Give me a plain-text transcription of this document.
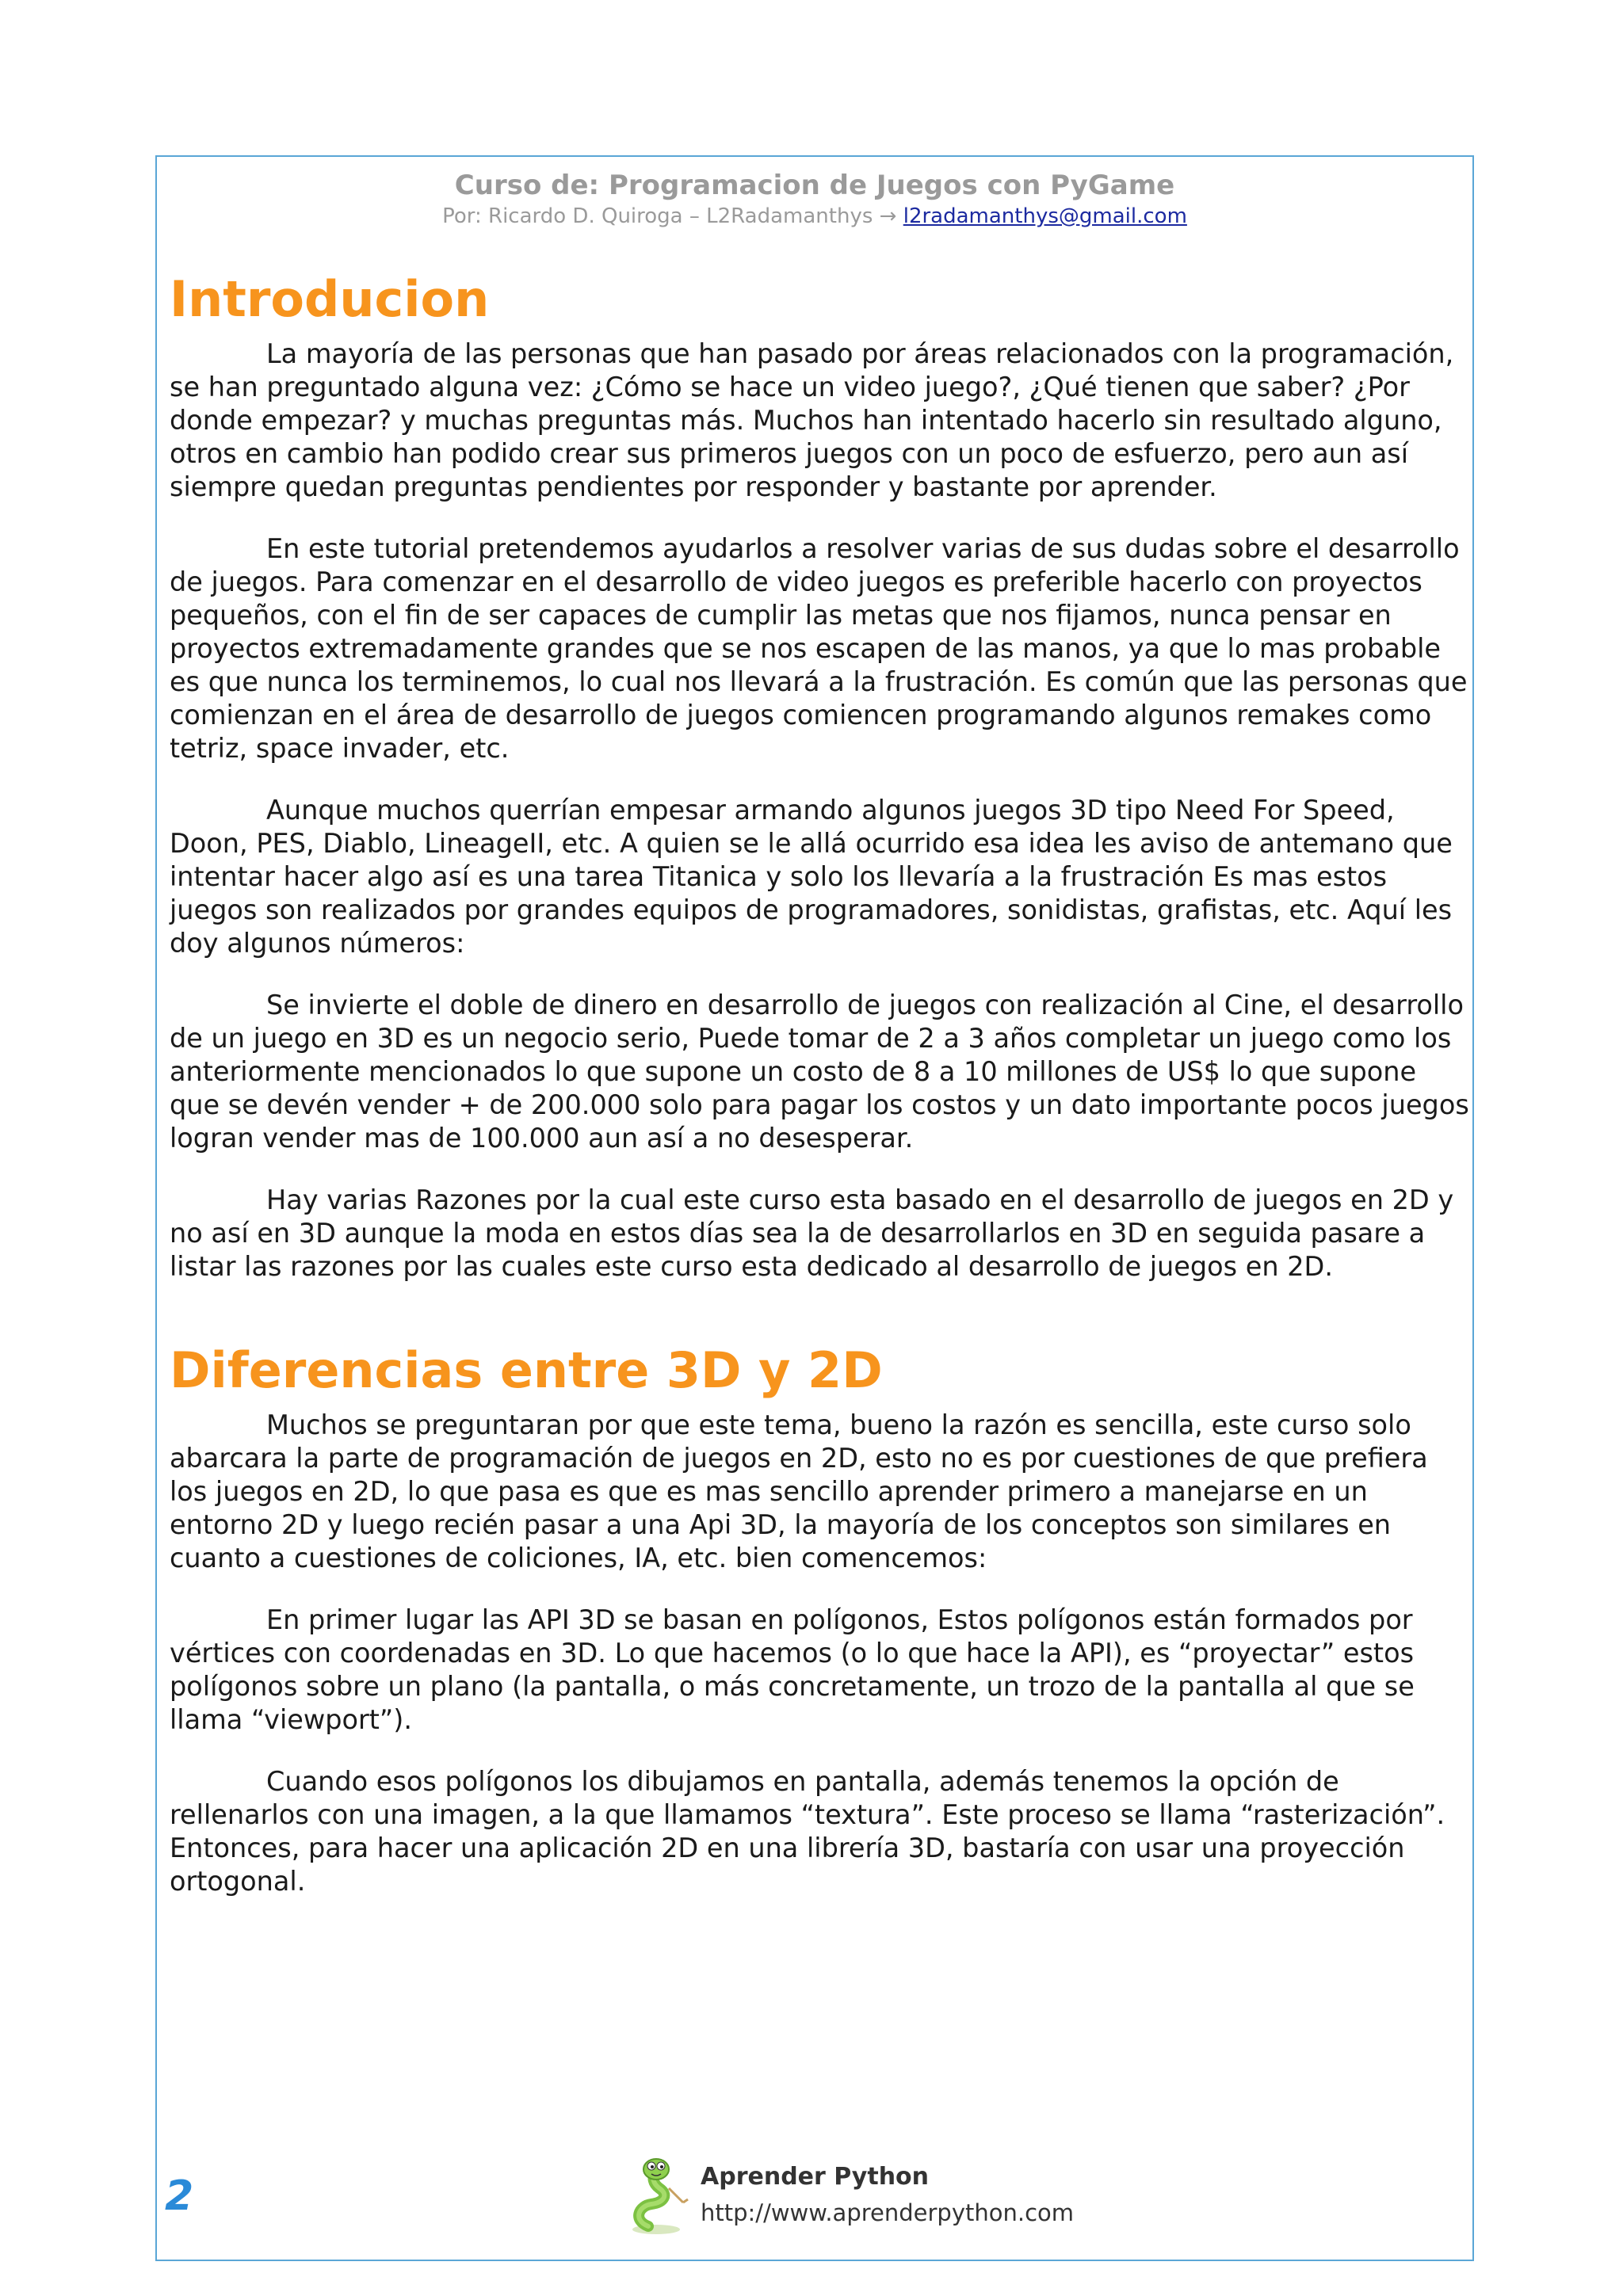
Curso de: Programacion de Juegos con PyGame
Por: Ricardo D. Quiroga – L2Radamanthys → l2radamanthys@gmail.com
Introducion

La mayoría de las personas que han pasado por áreas relacionados con la programación, se han preguntado alguna vez: ¿Cómo se hace un video juego?, ¿Qué tienen que saber? ¿Por donde empezar? y muchas preguntas más. Muchos han intentado hacerlo sin resultado alguno, otros en cambio han podido crear sus primeros juegos con un poco de esfuerzo, pero aun así siempre quedan preguntas pendientes por responder y bastante por aprender.

En este tutorial pretendemos ayudarlos a resolver varias de sus dudas sobre el desarrollo de juegos. Para comenzar en el desarrollo de video juegos es preferible hacerlo con proyectos pequeños, con el fin de ser capaces de cumplir las metas que nos fijamos, nunca pensar en proyectos extremadamente grandes que se nos escapen de las manos, ya que lo mas probable es que nunca los terminemos, lo cual nos llevará a la frustración. Es común que las personas que comienzan en el área de desarrollo de juegos comiencen programando algunos remakes como tetriz, space invader, etc.

Aunque muchos querrían empesar armando algunos juegos 3D tipo Need For Speed, Doon, PES, Diablo, LineageII, etc. A quien se le allá ocurrido esa idea les aviso de antemano que intentar hacer algo así es una tarea Titanica y solo los llevaría a la frustración Es mas estos juegos son realizados por grandes equipos de programadores, sonidistas, grafistas, etc. Aquí les doy algunos números:

Se invierte el doble de dinero en desarrollo de juegos con realización al Cine, el desarrollo de un juego en 3D es un negocio serio, Puede tomar de 2 a 3 años completar un juego como los anteriormente mencionados lo que supone un costo de 8 a 10 millones de US$ lo que supone que se devén vender + de 200.000 solo para pagar los costos y un dato importante pocos juegos logran vender mas de 100.000 aun así a no desesperar.

Hay varias Razones por la cual este curso esta basado en el desarrollo de juegos en 2D y no así en 3D aunque la moda en estos días sea la de desarrollarlos en 3D en seguida pasare a listar las razones por las cuales este curso esta dedicado al desarrollo de juegos en 2D.

Diferencias entre 3D y 2D

Muchos se preguntaran por que este tema, bueno la razón es sencilla, este curso solo abarcara la parte de programación de juegos en 2D, esto no es por cuestiones de que prefiera los juegos en 2D, lo que pasa es que es mas sencillo aprender primero a manejarse en un entorno 2D y luego recién pasar a una Api 3D, la mayoría de los conceptos son similares en cuanto a cuestiones de coliciones, IA, etc. bien comencemos:

En primer lugar las API 3D se basan en polígonos, Estos polígonos están formados por vértices con coordenadas en 3D. Lo que hacemos (o lo que hace la API), es “proyectar” estos polígonos sobre un plano (la pantalla, o más concretamente, un trozo de la pantalla al que se llama “viewport”).

Cuando esos polígonos los dibujamos en pantalla, además tenemos la opción de rellenarlos con una imagen, a la que llamamos “textura”. Este proceso se llama “rasterización”. Entonces, para hacer una aplicación 2D en una librería 3D, bastaría con usar una proyección ortogonal.

2	Aprender Python
http://www.aprenderpython.com
